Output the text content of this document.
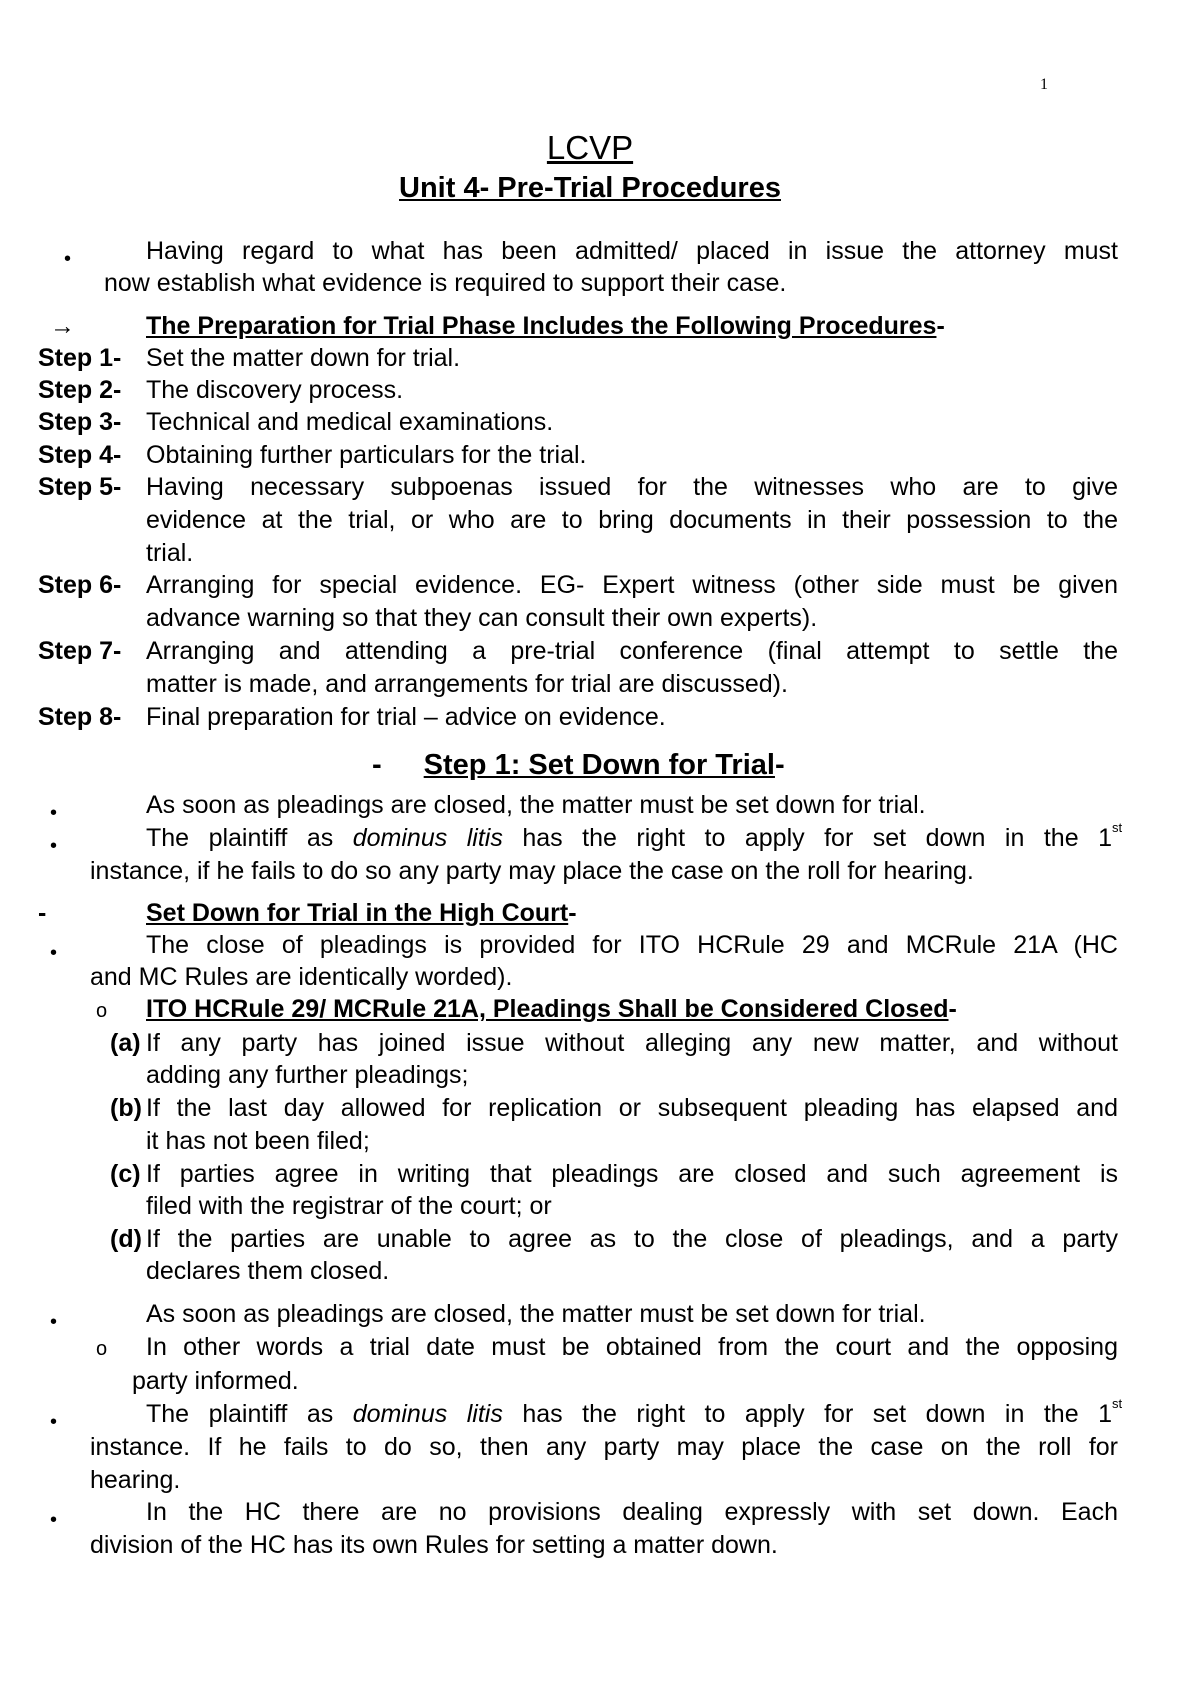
1
LCVP
Unit 4- Pre-Trial Procedures
•	Having regard to what has been admitted/ placed in issue the attorney must
now establish what evidence is required to support their case.
→	The Preparation for Trial Phase Includes the Following Procedures-
Step 1- Set the matter down for trial.
Step 2- The discovery process.
Step 3- Technical and medical examinations.
Step 4- Obtaining further particulars for the trial.
Step 5- Having necessary subpoenas issued for the witnesses who are to give
evidence at the trial, or who are to bring documents in their possession to the
trial.
Step 6- Arranging for special evidence. EG- Expert witness (other side must be given
advance warning so that they can consult their own experts).
Step 7- Arranging and attending a pre-trial conference (final attempt to settle the
matter is made, and arrangements for trial are discussed).
Step 8- Final preparation for trial – advice on evidence.
- Step 1: Set Down for Trial-
•	As soon as pleadings are closed, the matter must be set down for trial.
•	The plaintiff as dominus litis has the right to apply for set down in the 1 st
instance, if he fails to do so any party may place the case on the roll for hearing.
-	Set Down for Trial in the High Court-
•	The close of pleadings is provided for ITO HCRule 29 and MCRule 21A (HC
and MC Rules are identically worded).
o ITO HCRule 29/ MCRule 21A, Pleadings Shall be Considered Closed-
(a) If any party has joined issue without alleging any new matter, and without
adding any further pleadings;
(b) If the last day allowed for replication or subsequent pleading has elapsed and
it has not been filed;
(c) If parties agree in writing that pleadings are closed and such agreement is
filed with the registrar of the court; or
(d) If the parties are unable to agree as to the close of pleadings, and a party
declares them closed.
•	As soon as pleadings are closed, the matter must be set down for trial.
o In other words a trial date must be obtained from the court and the opposing
party informed.
•	The plaintiff as dominus litis has the right to apply for set down in the 1 st
instance. If he fails to do so, then any party may place the case on the roll for
hearing.
•	In the HC there are no provisions dealing expressly with set down. Each
division of the HC has its own Rules for setting a matter down.
